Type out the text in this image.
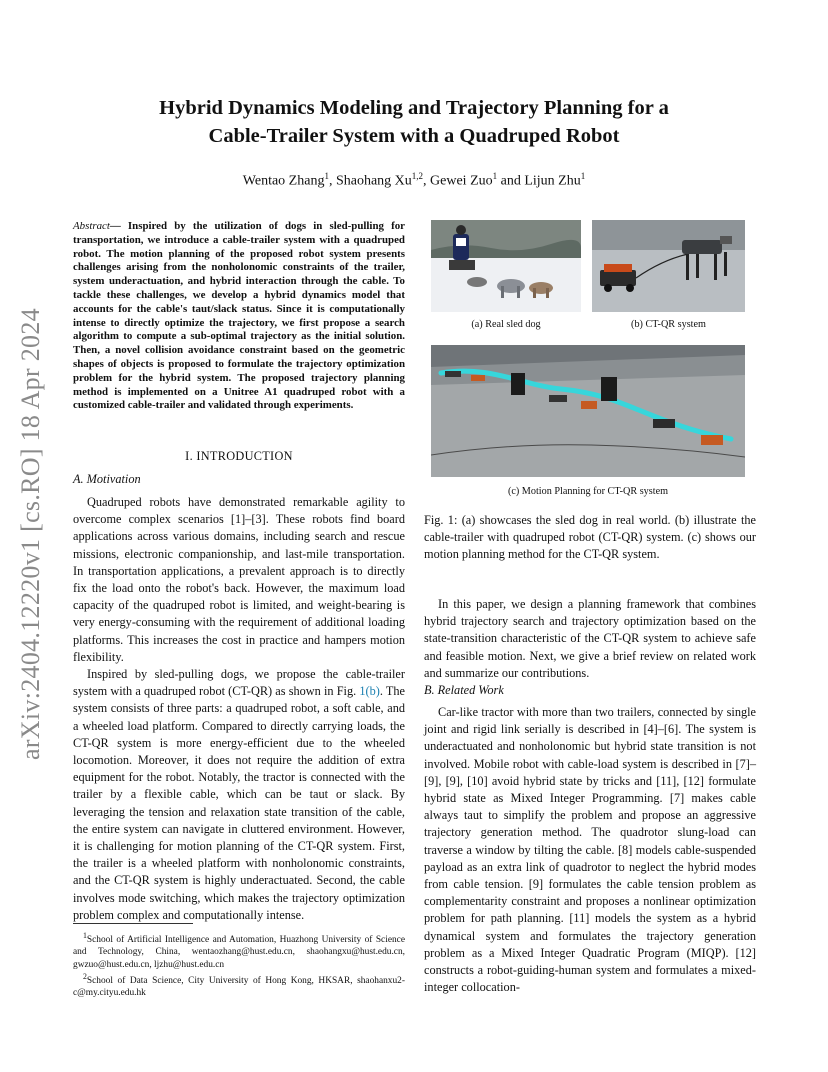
arXiv:2404.12220v1 [cs.RO] 18 Apr 2024
Hybrid Dynamics Modeling and Trajectory Planning for a
Cable-Trailer System with a Quadruped Robot
Wentao Zhang$^1$, Shaohang Xu$^{1,2}$, Gewei Zuo$^1$ and Lijun Zhu$^1$
Abstract— Inspired by the utilization of dogs in sled-pulling for transportation, we introduce a cable-trailer system with a quadruped robot. The motion planning of the proposed robot system presents challenges arising from the nonholonomic constraints of the trailer, system underactuation, and hybrid interaction through the cable. To tackle these challenges, we develop a hybrid dynamics model that accounts for the cable's taut/slack status. Since it is computationally intense to directly optimize the trajectory, we first propose a search algorithm to compute a sub-optimal trajectory as the initial solution. Then, a novel collision avoidance constraint based on the geometric shapes of objects is proposed to formulate the trajectory optimization problem for the hybrid system. The proposed trajectory planning method is implemented on a Unitree A1 quadruped robot with a customized cable-trailer and validated through experiments.
I. INTRODUCTION
A. Motivation

Quadruped robots have demonstrated remarkable agility to overcome complex scenarios [1]–[3]. These robots find board applications across various domains, including search and rescue missions, electronic companionship, and last-mile transportation. In transportation applications, a prevalent approach is to directly fix the load onto the robot's back. However, the maximum load capacity of the quadruped robot is limited, and weight-bearing is very energy-consuming with the requirement of additional loading platforms. This increases the cost in practice and hampers motion flexibility.

Inspired by sled-pulling dogs, we propose the cable-trailer system with a quadruped robot (CT-QR) as shown in Fig. 1(b). The system consists of three parts: a quadruped robot, a soft cable, and a wheeled load platform. Compared to directly carrying loads, the CT-QR system is more energy-efficient due to the wheeled locomotion. Moreover, it does not require the addition of extra equipment for the robot. Notably, the tractor is connected with the trailer by a flexible cable, which can be taut or slack. By leveraging the tension and relaxation state transition of the cable, the entire system can navigate in cluttered environment. However, it is challenging for motion planning of the CT-QR system. First, the trailer is a wheeled platform with nonholonomic constraints, and the CT-QR system is highly underactuated. Second, the cable involves mode switching, which makes the trajectory optimization problem complex and computationally intense.

$^1$School of Artificial Intelligence and Automation, Huazhong University of Science and Technology, China, wentaozhang@hust.edu.cn, shaohangxu@hust.edu.cn, gwzuo@hust.edu.cn, ljzhu@hust.edu.cn
$^2$School of Data Science, City University of Hong Kong, HKSAR, shaohanxu2-c@my.cityu.edu.hk
(a) Real sled dog	(b) CT-QR system
(c) Motion Planning for CT-QR system
Fig. 1: (a) showcases the sled dog in real world. (b) illustrate the cable-trailer with quadruped robot (CT-QR) system. (c) shows our motion planning method for the CT-QR system.

In this paper, we design a planning framework that combines hybrid trajectory search and trajectory optimization based on the state-transition characteristic of the CT-QR system to achieve safe and feasible motion. Next, we give a brief review on related work and summarize our contributions.

B. Related Work

Car-like tractor with more than two trailers, connected by single joint and rigid link serially is described in [4]–[6]. The system is underactuated and nonholonomic but hybrid state transition is not involved. Mobile robot with cable-load system is described in [7]–[9], [9], [10] avoid hybrid state by tricks and [11], [12] formulate hybrid state as Mixed Integer Programming. [7] makes cable always taut to simplify the problem and propose an aggressive trajectory generation method. The quadrotor slung-load can traverse a window by tilting the cable. [8] models cable-suspended payload as an extra link of quadrotor to neglect the hybrid modes from cable tension. [9] formulates the cable tension problem as complementarity constraint and proposes a nonlinear optimization problem for path planning. [11] models the system as a hybrid dynamical system and formulates the trajectory generation problem as a Mixed Integer Quadratic Program (MIQP). [12] constructs a robot-guiding-human system and formulates a mixed-integer collocation-
